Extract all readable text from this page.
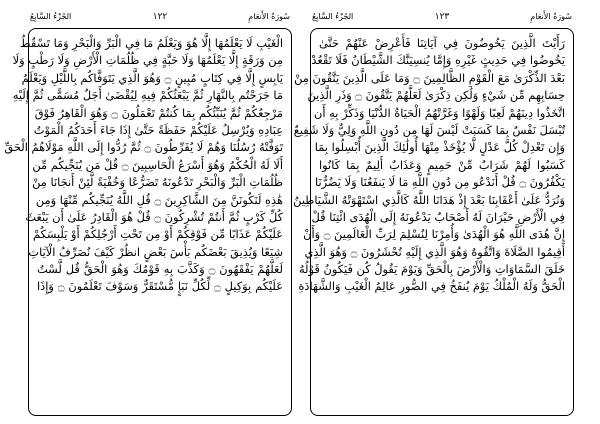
سُورَةُ الأَنعَامِ
١٢٢
الجُزْءُ السَّابِعُ
الْغَيْبِ لَا يَعْلَمُهَا إِلَّا هُوَ وَيَعْلَمُ مَا فِي الْبَرِّ وَالْبَحْرِ وَمَا تَسْقُطُ
مِن وَرَقَةٍ إِلَّا يَعْلَمُهَا وَلَا حَبَّةٍ فِي ظُلُمَاتِ الْأَرْضِ وَلَا رَطْبٍ وَلَا
يَابِسٍ إِلَّا فِي كِتَابٍ مُبِينٍ ۝ وَهُوَ الَّذِي يَتَوَفَّاكُم بِاللَّيْلِ وَيَعْلَمُ
مَا جَرَحْتُم بِالنَّهَارِ ثُمَّ يَبْعَثُكُمْ فِيهِ لِيُقْضَىٰ أَجَلٌ مُسَمًّى ثُمَّ إِلَيْهِ
مَرْجِعُكُمْ ثُمَّ يُنَبِّئُكُم بِمَا كُنتُمْ تَعْمَلُونَ ۝ وَهُوَ الْقَاهِرُ فَوْقَ
عِبَادِهِ وَيُرْسِلُ عَلَيْكُمْ حَفَظَةً حَتَّىٰ إِذَا جَاءَ أَحَدَكُمُ الْمَوْتُ
تَوَفَّتْهُ رُسُلُنَا وَهُمْ لَا يُفَرِّطُونَ ۝ ثُمَّ رُدُّوا إِلَى اللَّهِ مَوْلَاهُمُ الْحَقِّ
أَلَا لَهُ الْحُكْمُ وَهُوَ أَسْرَعُ الْحَاسِبِينَ ۝ قُلْ مَن يُنَجِّيكُم مِّن
ظُلُمَاتِ الْبَرِّ وَالْبَحْرِ تَدْعُونَهُ تَضَرُّعًا وَخُفْيَةً لَّئِنْ أَنجَانَا مِنْ
هَٰذِهِ لَنَكُونَنَّ مِنَ الشَّاكِرِينَ ۝ قُلِ اللَّهُ يُنَجِّيكُم مِّنْهَا وَمِن
كُلِّ كَرْبٍ ثُمَّ أَنتُمْ تُشْرِكُونَ ۝ قُلْ هُوَ الْقَادِرُ عَلَىٰ أَن يَبْعَثَ
عَلَيْكُمْ عَذَابًا مِّن فَوْقِكُمْ أَوْ مِن تَحْتِ أَرْجُلِكُمْ أَوْ يَلْبِسَكُمْ
شِيَعًا وَيُذِيقَ بَعْضَكُم بَأْسَ بَعْضٍ انظُرْ كَيْفَ نُصَرِّفُ الْآيَاتِ
لَعَلَّهُمْ يَفْقَهُونَ ۝ وَكَذَّبَ بِهِ قَوْمُكَ وَهُوَ الْحَقُّ قُل لَّسْتُ
عَلَيْكُم بِوَكِيلٍ ۝ لِّكُلِّ نَبَإٍ مُّسْتَقَرٌّ وَسَوْفَ تَعْلَمُونَ ۝ وَإِذَا
سُورَةُ الأَنعَامِ
١٢٣
الجُزْءُ السَّابِعُ
رَأَيْتَ الَّذِينَ يَخُوضُونَ فِي آيَاتِنَا فَأَعْرِضْ عَنْهُمْ حَتَّىٰ
يَخُوضُوا فِي حَدِيثٍ غَيْرِهِ وَإِمَّا يُنسِيَنَّكَ الشَّيْطَانُ فَلَا تَقْعُدْ
بَعْدَ الذِّكْرَىٰ مَعَ الْقَوْمِ الظَّالِمِينَ ۝ وَمَا عَلَى الَّذِينَ يَتَّقُونَ مِنْ
حِسَابِهِم مِّن شَيْءٍ وَلَٰكِن ذِكْرَىٰ لَعَلَّهُمْ يَتَّقُونَ ۝ وَذَرِ الَّذِينَ
اتَّخَذُوا دِينَهُمْ لَعِبًا وَلَهْوًا وَغَرَّتْهُمُ الْحَيَاةُ الدُّنْيَا وَذَكِّرْ بِهِ أَن
تُبْسَلَ نَفْسٌ بِمَا كَسَبَتْ لَيْسَ لَهَا مِن دُونِ اللَّهِ وَلِيٌّ وَلَا شَفِيعٌ
وَإِن تَعْدِلْ كُلَّ عَدْلٍ لَّا يُؤْخَذْ مِنْهَا أُولَٰئِكَ الَّذِينَ أُبْسِلُوا بِمَا
كَسَبُوا لَهُمْ شَرَابٌ مِّنْ حَمِيمٍ وَعَذَابٌ أَلِيمٌ بِمَا كَانُوا
يَكْفُرُونَ ۝ قُلْ أَنَدْعُو مِن دُونِ اللَّهِ مَا لَا يَنفَعُنَا وَلَا يَضُرُّنَا
وَنُرَدُّ عَلَىٰ أَعْقَابِنَا بَعْدَ إِذْ هَدَانَا اللَّهُ كَالَّذِي اسْتَهْوَتْهُ الشَّيَاطِينُ
فِي الْأَرْضِ حَيْرَانَ لَهُ أَصْحَابٌ يَدْعُونَهُ إِلَى الْهُدَى ائْتِنَا قُلْ
إِنَّ هُدَى اللَّهِ هُوَ الْهُدَىٰ وَأُمِرْنَا لِنُسْلِمَ لِرَبِّ الْعَالَمِينَ ۝ وَأَنْ
أَقِيمُوا الصَّلَاةَ وَاتَّقُوهُ وَهُوَ الَّذِي إِلَيْهِ تُحْشَرُونَ ۝ وَهُوَ الَّذِي
خَلَقَ السَّمَاوَاتِ وَالْأَرْضَ بِالْحَقِّ وَيَوْمَ يَقُولُ كُن فَيَكُونُ قَوْلُهُ
الْحَقُّ وَلَهُ الْمُلْكُ يَوْمَ يُنفَخُ فِي الصُّورِ عَالِمُ الْغَيْبِ وَالشَّهَادَةِ
